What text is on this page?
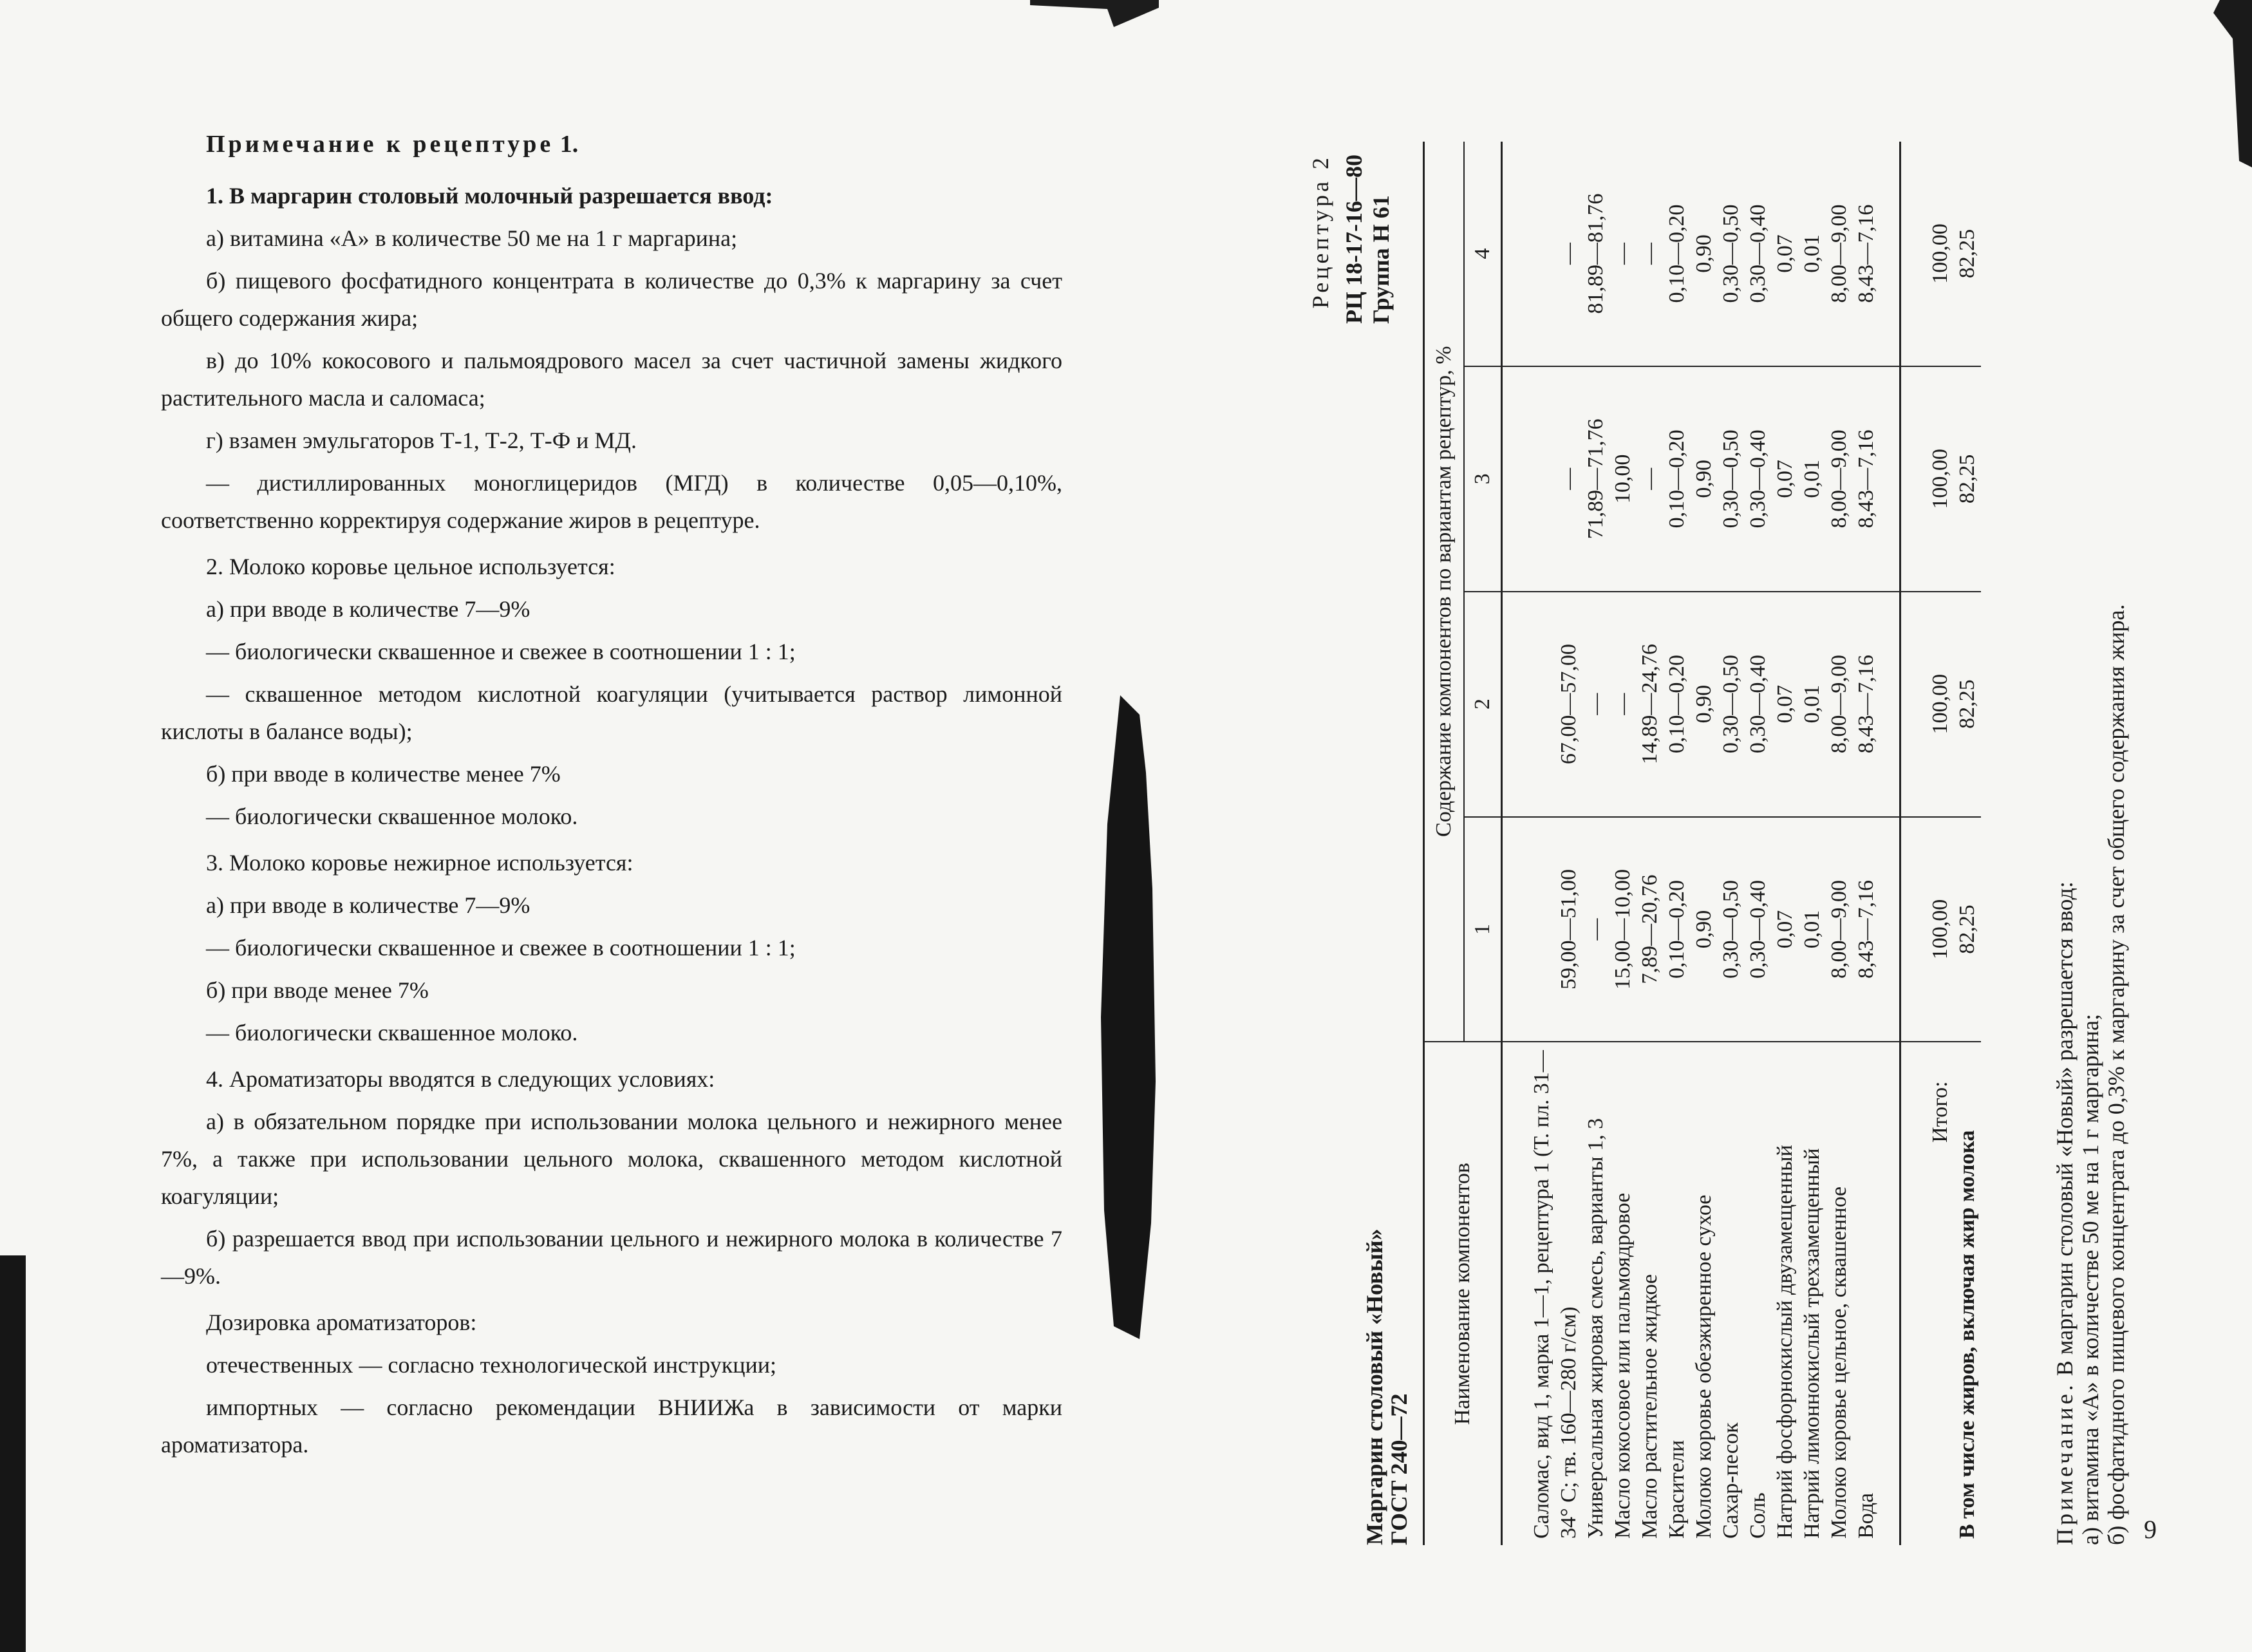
Примечание к рецептуре 1.

1. В маргарин столовый молочный разрешается ввод:

а) витамина «А» в количестве 50 ме на 1 г маргарина;

б) пищевого фосфатидного концентрата в количестве до 0,3% к маргарину за счет общего содержания жира;

в) до 10% кокосового и пальмоядрового масел за счет частичной замены жидкого растительного масла и саломаса;

г) взамен эмульгаторов Т-1, Т-2, Т-Ф и МД.

— дистиллированных моноглицеридов (МГД) в количестве 0,05—0,10%, соответственно корректируя содержание жиров в рецептуре.

2. Молоко коровье цельное используется:

а) при вводе в количестве 7—9%

— биологически сквашенное и свежее в соотношении 1 : 1;

— сквашенное методом кислотной коагуляции (учитывается раствор лимонной кислоты в балансе воды);

б) при вводе в количестве менее 7%

— биологически сквашенное молоко.

3. Молоко коровье нежирное используется:

а) при вводе в количестве 7—9%

— биологически сквашенное и свежее в соотношении 1 : 1;

б) при вводе менее 7%

— биологически сквашенное молоко.

4. Ароматизаторы вводятся в следующих условиях:

а) в обязательном порядке при использовании молока цельного и нежирного менее 7%, а также при использовании цельного молока, сквашенного методом кислотной коагуляции;

б) разрешается ввод при использовании цельного и нежирного молока в количестве 7—9%.

Дозировка ароматизаторов:

отечественных — согласно технологической инструкции;

импортных — согласно рекомендации ВНИИЖа в зависимости от марки ароматизатора.	Маргарин столовый «Новый»
ГОСТ 240—72
Рецептура 2 РЦ 18-17-16—80 Группа Н 61
Наименование компонентов	Содержание компонентов по вариантам рецептур, %			
	1	2	3	4
Саломас, вид 1, марка 1—1, рецептура 1 (Т. пл. 31—34° С; тв. 160—280 г/см)	59,00—51,00	67,00—57,00	—	—
Универсальная жировая смесь, варианты 1, 3	—	—	71,89—71,76	81,89—81,76
Масло кокосовое или пальмоядровое	15,00—10,00	—	10,00	—
Масло растительное жидкое	7,89—20,76	14,89—24,76	—	—
Красители	0,10—0,20	0,10—0,20	0,10—0,20	0,10—0,20
Молоко коровье обезжиренное сухое	0,90	0,90	0,90	0,90
Сахар-песок	0,30—0,50	0,30—0,50	0,30—0,50	0,30—0,50
Соль	0,30—0,40	0,30—0,40	0,30—0,40	0,30—0,40
Натрий фосфорнокислый двузамещенный	0,07	0,07	0,07	0,07
Натрий лимоннокислый трехзамещенный	0,01	0,01	0,01	0,01
Молоко коровье цельное, сквашенное	8,00—9,00	8,00—9,00	8,00—9,00	8,00—9,00
Вода	8,43—7,16	8,43—7,16	8,43—7,16	8,43—7,16
Итого:	100,00	100,00	100,00	100,00
В том числе жиров, включая жир молока	82,25	82,25	82,25	82,25
Примечание. В маргарин столовый «Новый» разрешается ввод: а) витамина «А» в количестве 50 ме на 1 г маргарина; б) фосфатидного пищевого концентрата до 0,3% к маргарину за счет общего содержания жира. 9
